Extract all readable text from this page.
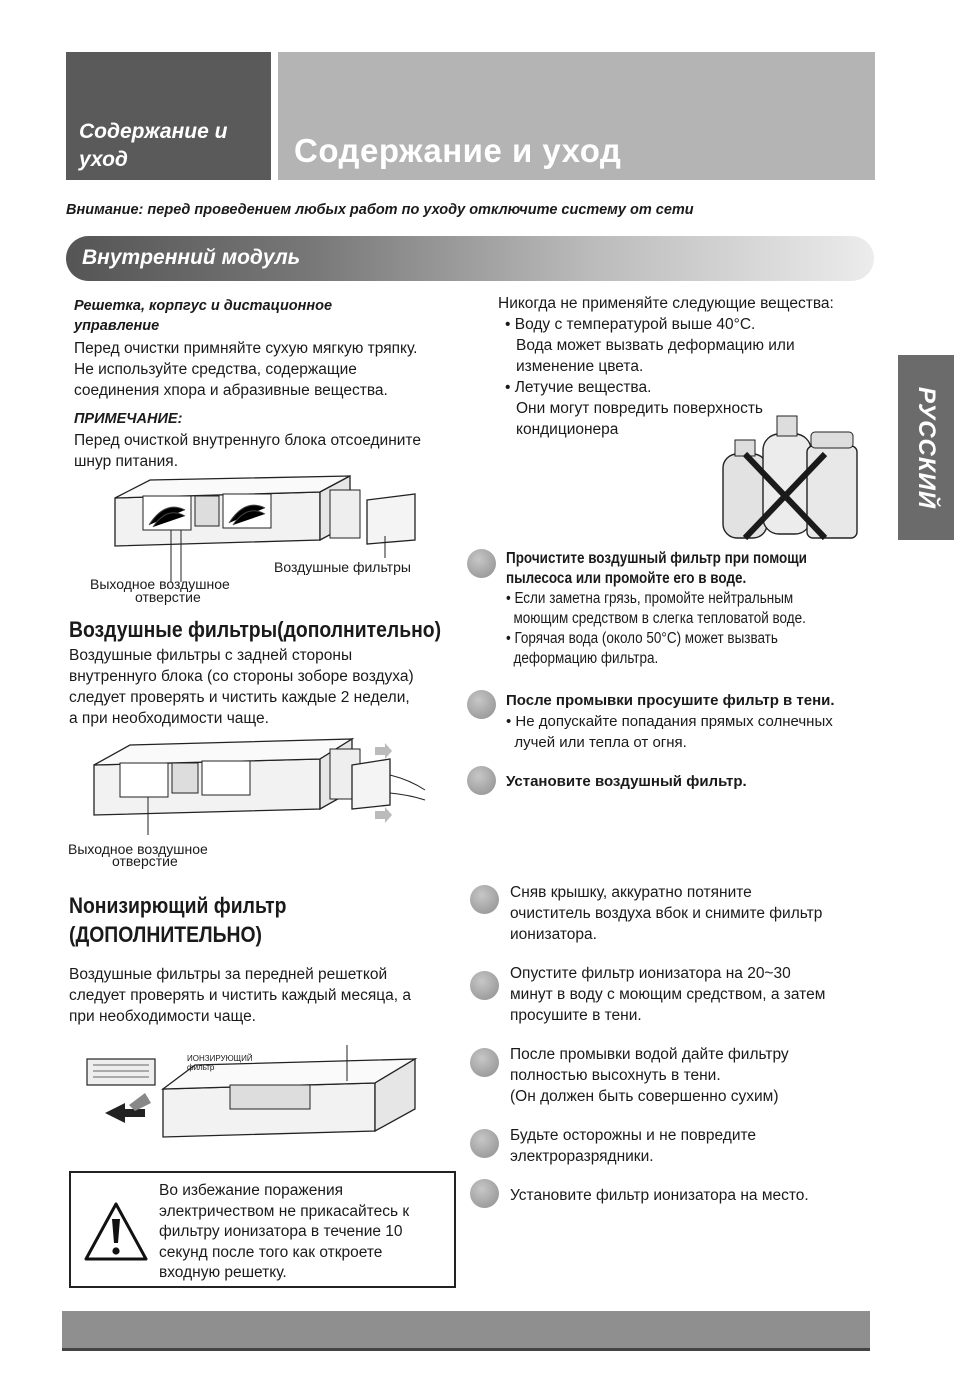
Содержание и уход	Содержание и уход
Внимание: перед проведением любых работ по уходу отключите систему от сети
Внутренний модуль
РУССКИЙ
Решетка, корпгус и дистационное
управление
Перед очистки примняйте сухую мягкую тряпку.
Не используйте средства, содержащие
соединения хпора и абразивные вещества.
ПРИМЕЧАНИЕ:
Перед очисткой внутреннуго блока отсоедините
шнур питания.
Воздушные фильтры
Выходное воздушное
отверстие
Никогда не применяйте следующие вещества:
• Воду с температурой выше 40°C.
Вода может вызвать деформацию или
изменение цвета.
• Летучие вещества.
Они могут повредить поверхность
кондиционера
Прочистите воздушный фильтр при помощи
пылесоса или промойте его в воде.
• Если заметна грязь, промойте нейтральным
моющим средством в слегка тепловатой воде.
• Горячая вода (около 50°C) может вызвать
деформацию фильтра.
После промывки просушите фильтр в тени.
• Не допускайте попадания прямых солнечных
лучей или тепла от огня.
Установите воздушный фильтр.
Воздушные фильтры(дополнительно)
Воздушные фильтры с задней стороны
внутреннуго блока (со стороны зоборе воздуха)
следует проверять и чистить каждые 2 недели,
а при необходимости чаще.
Выходное воздушное
отверстие
Nонизирющий фильтр
(ДОПОЛНИТЕЛЬНО)
Воздушные фильтры за передней решеткой
следует проверять и чистить каждый месяца, а
при необходимости чаще.
ИОНЗИРУЮЩИЙ
фильтр
Сняв крышку, аккуратно потяните
очиститель воздуха вбок и снимите фильтр
ионизатора.
Опустите фильтр ионизатора на 20~30
минут в воду с моющим средством, а затем
просушите в тени.
После промывки водой дайте фильтру
полностью высохнуть в тени.
(Он должен быть совершенно сухим)
Будьте осторожны и не повредите
электроразрядники.
Установите фильтр ионизатора на место.
Во избежание поражения
электричеством не прикасайтесь к
фильтру ионизатора в течение 10
секунд после того как откроете
входную решетку.
